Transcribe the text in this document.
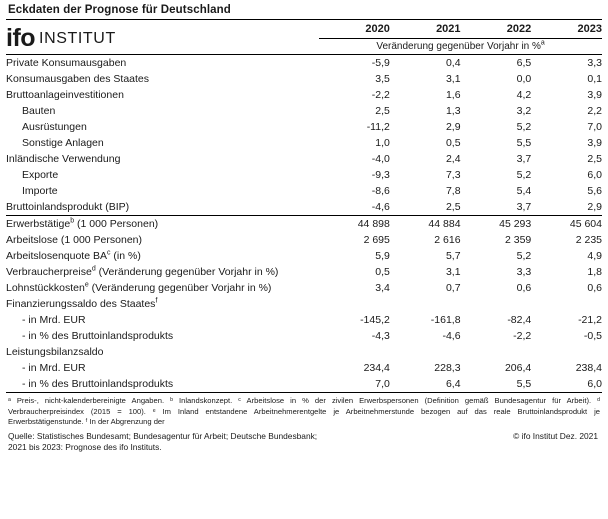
Eckdaten der Prognose für Deutschland
ifo INSTITUT	2020	2021	2022	2023

	Veränderung gegenüber Vorjahr in %$^a$

Private Konsumausgaben	-5,9	0,4	6,5	3,3
Konsumausgaben des Staates	3,5	3,1	0,0	0,1
Bruttoanlageinvestitionen	-2,2	1,6	4,2	3,9
Bauten	2,5	1,3	3,2	2,2
Ausrüstungen	-11,2	2,9	5,2	7,0
Sonstige Anlagen	1,0	0,5	5,5	3,9
Inländische Verwendung	-4,0	2,4	3,7	2,5
Exporte	-9,3	7,3	5,2	6,0
Importe	-8,6	7,8	5,4	5,6
Bruttoinlandsprodukt (BIP)	-4,6	2,5	3,7	2,9

Erwerbstätige$^b$ (1 000 Personen)	44 898	44 884	45 293	45 604
Arbeitslose (1 000 Personen)	2 695	2 616	2 359	2 235
Arbeitslosenquote $BA^c$ (in %)	5,9	5,7	5,2	4,9
Verbraucherpreise$^d$ (Veränderung gegenüber Vorjahr in %)	0,5	3,1	3,3	1,8
Lohnstückkosten$^e$ (Veränderung gegenüber Vorjahr in %)	3,4	0,7	0,6	0,6
Finanzierungssaldo des Staates$^f$				
- in Mrd. EUR	-145,2	-161,8	-82,4	-21,2
- in % des Bruttoinlandsprodukts	-4,3	-4,6	-2,2	-0,5
Leistungsbilanzsaldo				
- in Mrd. EUR	234,4	228,3	206,4	238,4
- in % des Bruttoinlandsprodukts	7,0	6,4	5,5	6,0
ᵃ Preis-, nicht-kalenderbereinigte Angaben. ᵇ Inlandskonzept. ᶜ Arbeitslose in % der zivilen Erwerbspersonen (Definition gemäß Bundesagentur für Arbeit). ᵈ Verbraucherpreisindex (2015 = 100). ᵉ Im Inland entstandene Arbeitnehmerentgelte je Arbeitnehmerstunde bezogen auf das reale Bruttoinlandsprodukt je Erwerbstätigenstunde. ᶠ In der Abgrenzung der
Quelle: Statistisches Bundesamt; Bundesagentur für Arbeit; Deutsche Bundesbank;
2021 bis 2023: Prognose des ifo Instituts.
© ifo Institut Dez. 2021
